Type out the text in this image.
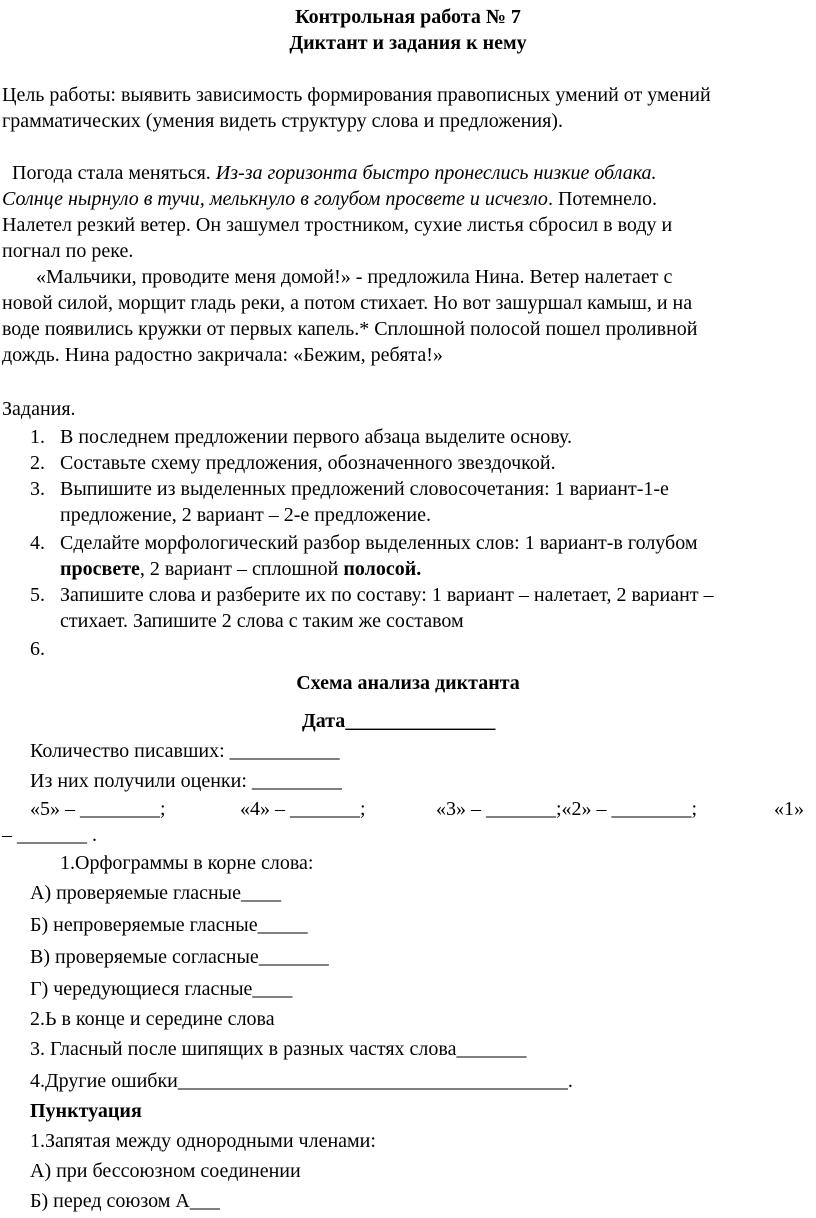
Контрольная работа № 7
Диктант и задания к нему
Цель работы: выявить зависимость формирования правописных умений от умений
грамматических (умения видеть структуру слова и предложения).
Погода стала меняться. Из-за горизонта быстро пронеслись низкие облака.
Солнце нырнуло в тучи, мелькнуло в голубом просвете и исчезло. Потемнело.
Налетел резкий ветер. Он зашумел тростником, сухие листья сбросил в воду и
погнал по реке.
«Мальчики, проводите меня домой!» - предложила Нина. Ветер налетает с
новой силой, морщит гладь реки, а потом стихает. Но вот зашуршал камыш, и на
воде появились кружки от первых капель.* Сплошной полосой пошел проливной
дождь. Нина радостно закричала: «Бежим, ребята!»
Задания.
1. В последнем предложении первого абзаца выделите основу.
2. Составьте схему предложения, обозначенного звездочкой.
3. Выпишите из выделенных предложений словосочетания: 1 вариант-1-е
предложение, 2 вариант – 2-е предложение.
4. Сделайте морфологический разбор выделенных слов: 1 вариант-в голубом
просвете, 2 вариант – сплошной полосой.
5. Запишите слова и разберите их по составу: 1 вариант – налетает, 2 вариант –
стихает. Запишите 2 слова с таким же составом
6.
Схема анализа диктанта
Дата_______________
Количество писавших: ___________
Из них получили оценки: _________
«5» – ________;	«4» – _______;	«3» – _______;«2» – ________;	«1»
– _______ .
1.Орфограммы в корне слова:
А) проверяемые гласные____
Б) непроверяемые гласные_____
В) проверяемые согласные_______
Г) чередующиеся гласные____
2.Ь в конце и середине слова
3. Гласный после шипящих в разных частях слова_______
4.Другие ошибки_______________________________________.
Пунктуация
1.Запятая между однородными членами:
А) при бессоюзном соединении
Б) перед союзом А___
